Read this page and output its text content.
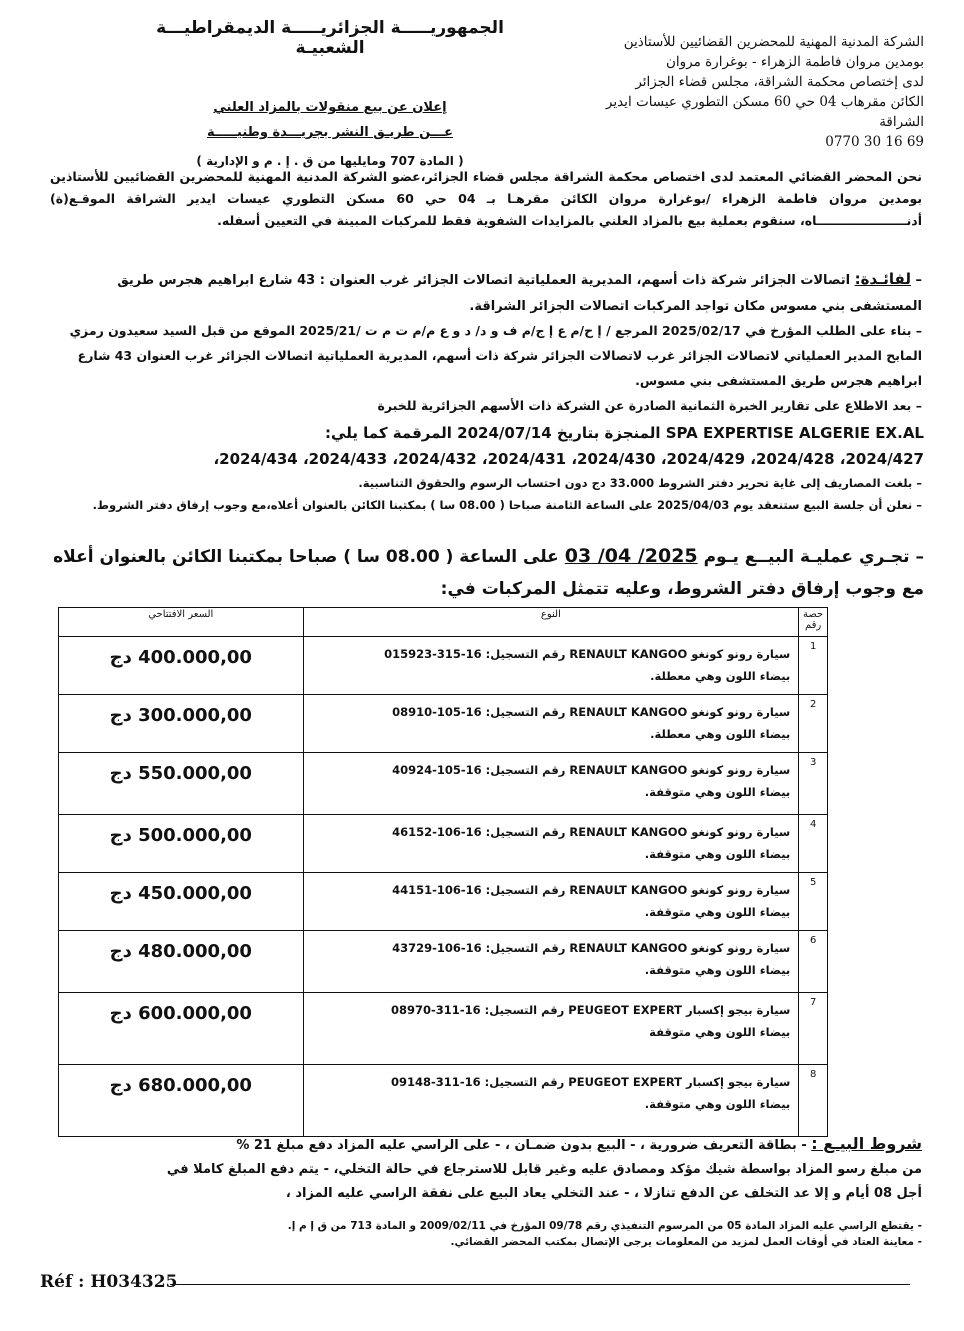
الجمهوريـــــة الجزائريـــــة الديمقراطيـــة الشعبيـة
إعلان عن بيع منقولات بالمزاد العلني
عـــن طريـق النشر بجريـــدة وطنيـــــة
( المادة 707 ومايليها من ق . إ . م و الإدارية )
الشركة المدنية المهنية للمحضرين القضائيين للأستاذين
بومدين مروان فاطمة الزهراء - بوغرارة مروان
لدى إختصاص محكمة الشراقة، مجلس قضاء الجزائر
الكائن مقرهاب 04 حي 60 مسكن التطوري عيسات ايدير الشراقة
0770 30 16 69
نحن المحضر القضائي المعتمد لدى اختصاص محكمة الشراقة مجلس قضاء الجزائر،عضو الشركة المدنية المهنية للمحضرين القضائيين للأستاذين بومدين مروان فاطمة الزهراء /بوغرارة مروان الكائن مقرهـا بـ 04 حي 60 مسكن التطوري عيسات ايدير الشراقة الموقـع(ة) أدنـــــــــــــــــــــاه، سنقوم بعملية بيع بالمزاد العلني بالمزايدات الشفوية فقط للمركبات المبينة في التعيين أسفله.
– لفائـدة: اتصالات الجزائر شركة ذات أسهم، المديرية العملياتية اتصالات الجزائر غرب العنوان : 43 شارع ابراهيم هجرس طريق المستشفى بني مسوس مكان تواجد المركبات اتصالات الجزائر الشراقة.
– بناء على الطلب المؤرخ في 2025/02/17 المرجع / إ ح/م ع إ ج/م ف و د/ د و ع م/م ت م ت /2025/21 الموقع من قبل السيد سعيدون رمزي المابح المدير العملياتي لاتصالات الجزائر غرب لاتصالات الجزائر شركة ذات أسهم، المديرية العملياتية اتصالات الجزائر غرب العنوان 43 شارع ابراهيم هجرس طريق المستشفى بني مسوس.
– بعد الاطلاع على تقارير الخبرة الثمانية الصادرة عن الشركة ذات الأسهم الجزائرية للخبرة
SPA EXPERTISE ALGERIE EX.AL المنجزة بتاريخ 2024/07/14 المرقمة كما يلي:
2024/427، 2024/428، 2024/429، 2024/430، 2024/431، 2024/432، 2024/433، 2024/434،
– بلغت المصاريف إلى غاية تحرير دفتر الشروط 33.000 دج دون احتساب الرسوم والحقوق التناسبية.
– نعلن أن جلسة البيع ستنعقد يوم 2025/04/03 على الساعة الثامنة صباحا ( 08.00 سا ) بمكتبنا الكائن بالعنوان أعلاه،مع وجوب إرفاق دفتر الشروط.
– تجـري عمليـة البيــع يـوم 2025/ 04/ 03 على الساعة ( 08.00 سا ) صباحا بمكتبنا الكائن بالعنوان أعلاه مع وجوب إرفاق دفتر الشروط، وعليه تتمثل المركبات في:
حصة رقم	النوع	السعر الافتتاحي
1	سيارة رونو كونغو RENAULT KANGOO رقم التسجيل: 16-315-015923
بيضاء اللون وهي معطلة.	400.000,00 دج
2	سيارة رونو كونغو RENAULT KANGOO رقم التسجيل: 16-105-08910
بيضاء اللون وهي معطلة.	300.000,00 دج
3	سيارة رونو كونغو RENAULT KANGOO رقم التسجيل: 16-105-40924
بيضاء اللون وهي متوقفة.	550.000,00 دج
4	سيارة رونو كونغو RENAULT KANGOO رقم التسجيل: 16-106-46152
بيضاء اللون وهي متوقفة.	500.000,00 دج
5	سيارة رونو كونغو RENAULT KANGOO رقم التسجيل: 16-106-44151
بيضاء اللون وهي متوقفة.	450.000,00 دج
6	سيارة رونو كونغو RENAULT KANGOO رقم التسجيل: 16-106-43729
بيضاء اللون وهي متوقفة.	480.000,00 دج
7	سيارة بيجو إكسبار PEUGEOT EXPERT رقم التسجيل: 16-311-08970
بيضاء اللون وهي متوقفة	600.000,00 دج
8	سيارة بيجو إكسبار PEUGEOT EXPERT رقم التسجيل: 16-311-09148
بيضاء اللون وهي متوقفة.	680.000,00 دج
شروط البيـع : - بطاقة التعريف ضرورية ، - البيع بدون ضمـان ، - على الراسي عليه المزاد دفع مبلغ 21 %
من مبلغ رسو المزاد بواسطة شيك مؤكد ومصادق عليه وغير قابل للاسترجاع في حالة التخلي، - يتم دفع المبلغ كاملا في
أجل 08 أيام و إلا عد التخلف عن الدفع تنازلا ، - عند التخلي يعاد البيع على نفقة الراسي عليه المزاد ،
- يقتطع الراسي عليه المزاد المادة 05 من المرسوم التنفيذي رقم 09/78 المؤرخ في 2009/02/11 و المادة 713 من ق إ م إ.
- معاينة العتاد في أوقات العمل لمزيد من المعلومات يرجى الإتصال بمكتب المحضر القضائي.
Réf : H034325
